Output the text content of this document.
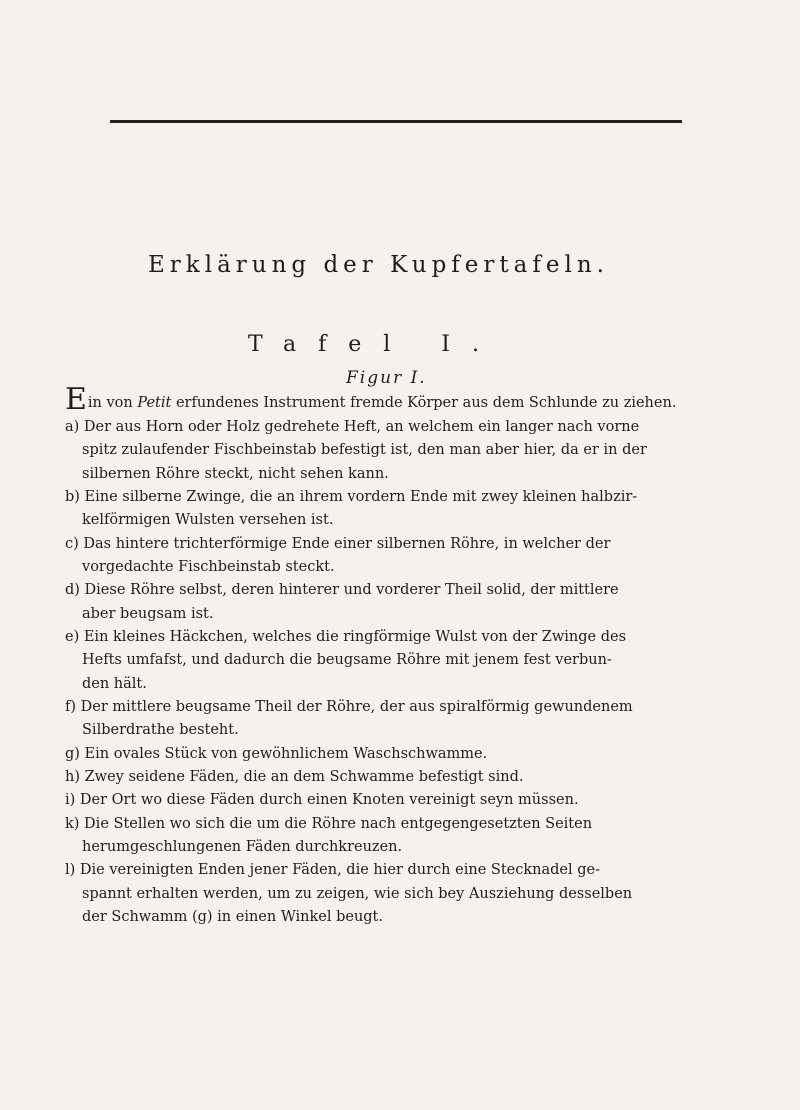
Erklärung der Kupfertafeln.
Tafel I.
Figur I.
Ein von Petit erfundenes Instrument fremde Körper aus dem Schlunde zu ziehen.
a) Der aus Horn oder Holz gedrehete Heft, an welchem ein langer nach vorne
spitz zulaufender Fischbeinstab befestigt ist, den man aber hier, da er in der
silbernen Röhre steckt, nicht sehen kann.
b) Eine silberne Zwinge, die an ihrem vordern Ende mit zwey kleinen halbzir-
kelförmigen Wulsten versehen ist.
c) Das hintere trichterförmige Ende einer silbernen Röhre, in welcher der
vorgedachte Fischbeinstab steckt.
d) Diese Röhre selbst, deren hinterer und vorderer Theil solid, der mittlere
aber beugsam ist.
e) Ein kleines Häckchen, welches die ringförmige Wulst von der Zwinge des
Hefts umfafst, und dadurch die beugsame Röhre mit jenem fest verbun-
den hält.
f) Der mittlere beugsame Theil der Röhre, der aus spiralförmig gewundenem
Silberdrathe besteht.
g) Ein ovales Stück von gewöhnlichem Waschschwamme.
h) Zwey seidene Fäden, die an dem Schwamme befestigt sind.
i) Der Ort wo diese Fäden durch einen Knoten vereinigt seyn müssen.
k) Die Stellen wo sich die um die Röhre nach entgegengesetzten Seiten
herumgeschlungenen Fäden durchkreuzen.
l) Die vereinigten Enden jener Fäden, die hier durch eine Stecknadel ge-
spannt erhalten werden, um zu zeigen, wie sich bey Ausziehung desselben
der Schwamm (g) in einen Winkel beugt.
